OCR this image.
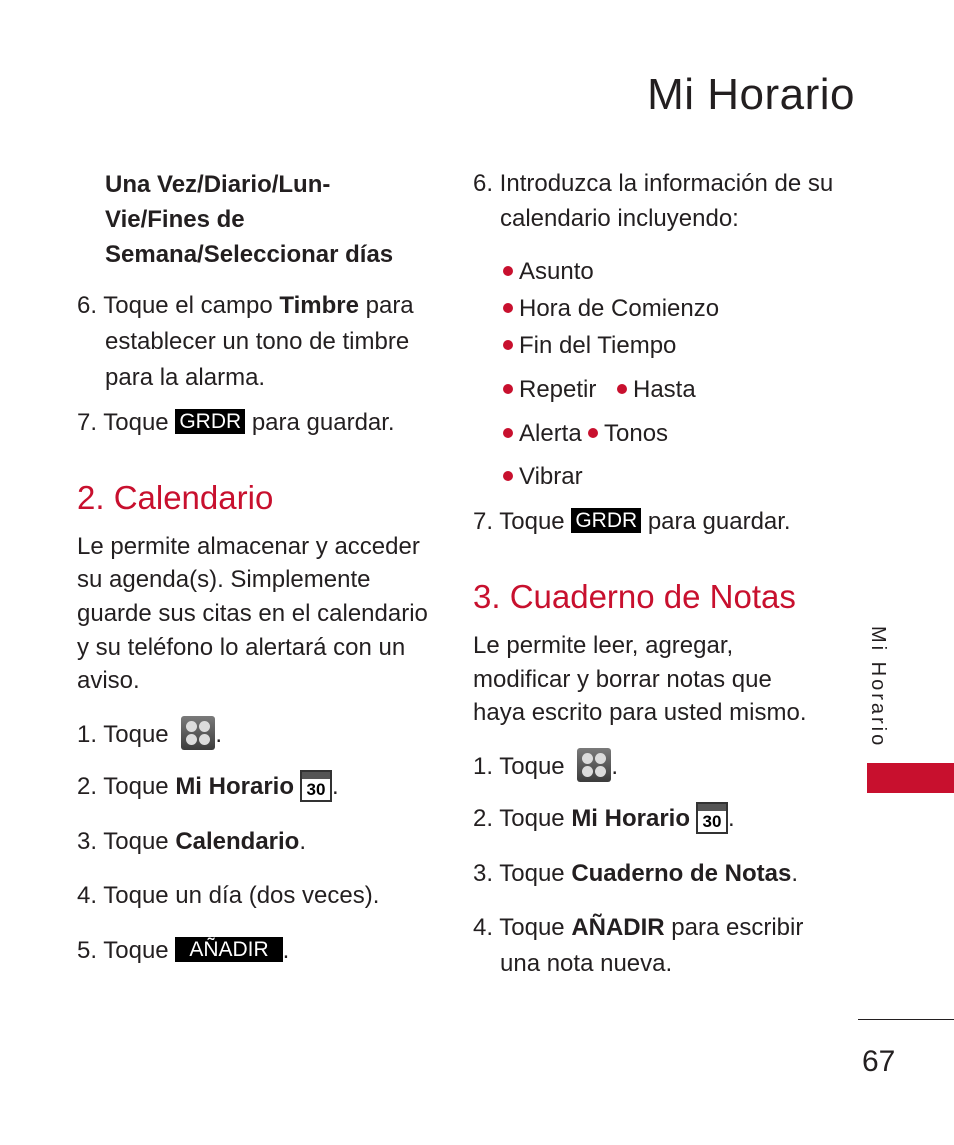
Mi Horario
Una Vez/Diario/Lun-
Vie/Fines de
Semana/Seleccionar días
6. Toque el campo Timbre para
establecer un tono de timbre
para la alarma.
7. Toque GRDR para guardar.
2. Calendario
Le permite almacenar y acceder
su agenda(s). Simplemente
guarde sus citas en el calendario
y su teléfono lo alertará con un
aviso.
1. Toque
.
2. Toque Mi Horario 30 .
3. Toque Calendario.
4. Toque un día (dos veces).
5. Toque AÑADIR .
6. Introduzca la información de su
calendario incluyendo:
Asunto
Hora de Comienzo
Fin del Tiempo
Repetir	Hasta
Alerta Tonos
Vibrar
7. Toque GRDR para guardar.
3. Cuaderno de Notas
Le permite leer, agregar,
modificar y borrar notas que
haya escrito para usted mismo.
1. Toque
.
2. Toque Mi Horario 30 .
3. Toque Cuaderno de Notas.
4. Toque AÑADIR para escribir
una nota nueva.
Mi Horario
67
